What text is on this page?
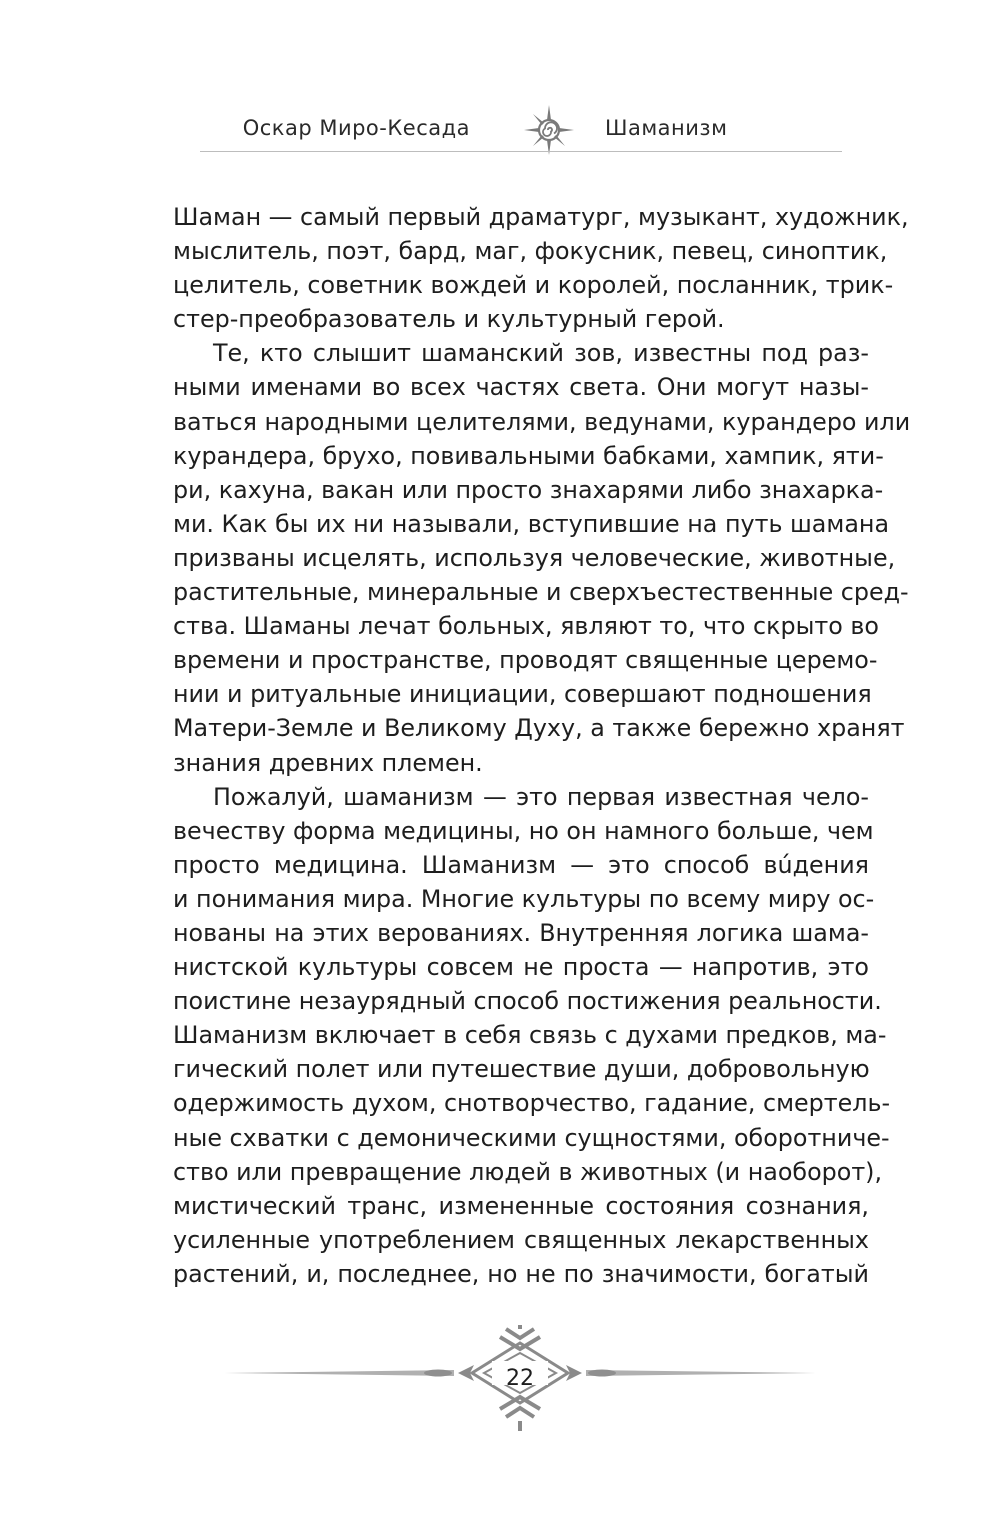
Оскар Миро-Кесада	Шаманизм
Шаман — самый первый драматург, музыкант, художник,
мыслитель, поэт, бард, маг, фокусник, певец, синоптик,
целитель, советник вождей и королей, посланник, трик-
стер-преобразователь и культурный герой.
Те, кто слышит шаманский зов, известны под раз-
ными именами во всех частях света. Они могут назы-
ваться народными целителями, ведунами, курандеро или
курандера, брухо, повивальными бабками, хампик, яти-
ри, кахуна, вакан или просто знахарями либо знахарка-
ми. Как бы их ни называли, вступившие на путь шамана
призваны исцелять, используя человеческие, животные,
растительные, минеральные и сверхъестественные сред-
ства. Шаманы лечат больных, являют то, что скрыто во
времени и пространстве, проводят священные церемо-
нии и ритуальные инициации, совершают подношения
Матери-Земле и Великому Духу, а также бережно хранят
знания древних племен.
Пожалуй, шаманизм — это первая известная чело-
вечеству форма медицины, но он намного больше, чем
просто медицина. Шаманизм — это способ вúдения
и понимания мира. Многие культуры по всему миру ос-
нованы на этих верованиях. Внутренняя логика шама-
нистской культуры совсем не проста — напротив, это
поистине незаурядный способ постижения реальности.
Шаманизм включает в себя связь с духами предков, ма-
гический полет или путешествие души, добровольную
одержимость духом, снотворчество, гадание, смертель-
ные схватки с демоническими сущностями, оборотниче-
ство или превращение людей в животных (и наоборот),
мистический транс, измененные состояния сознания,
усиленные употреблением священных лекарственных
растений, и, последнее, но не по значимости, богатый
22
